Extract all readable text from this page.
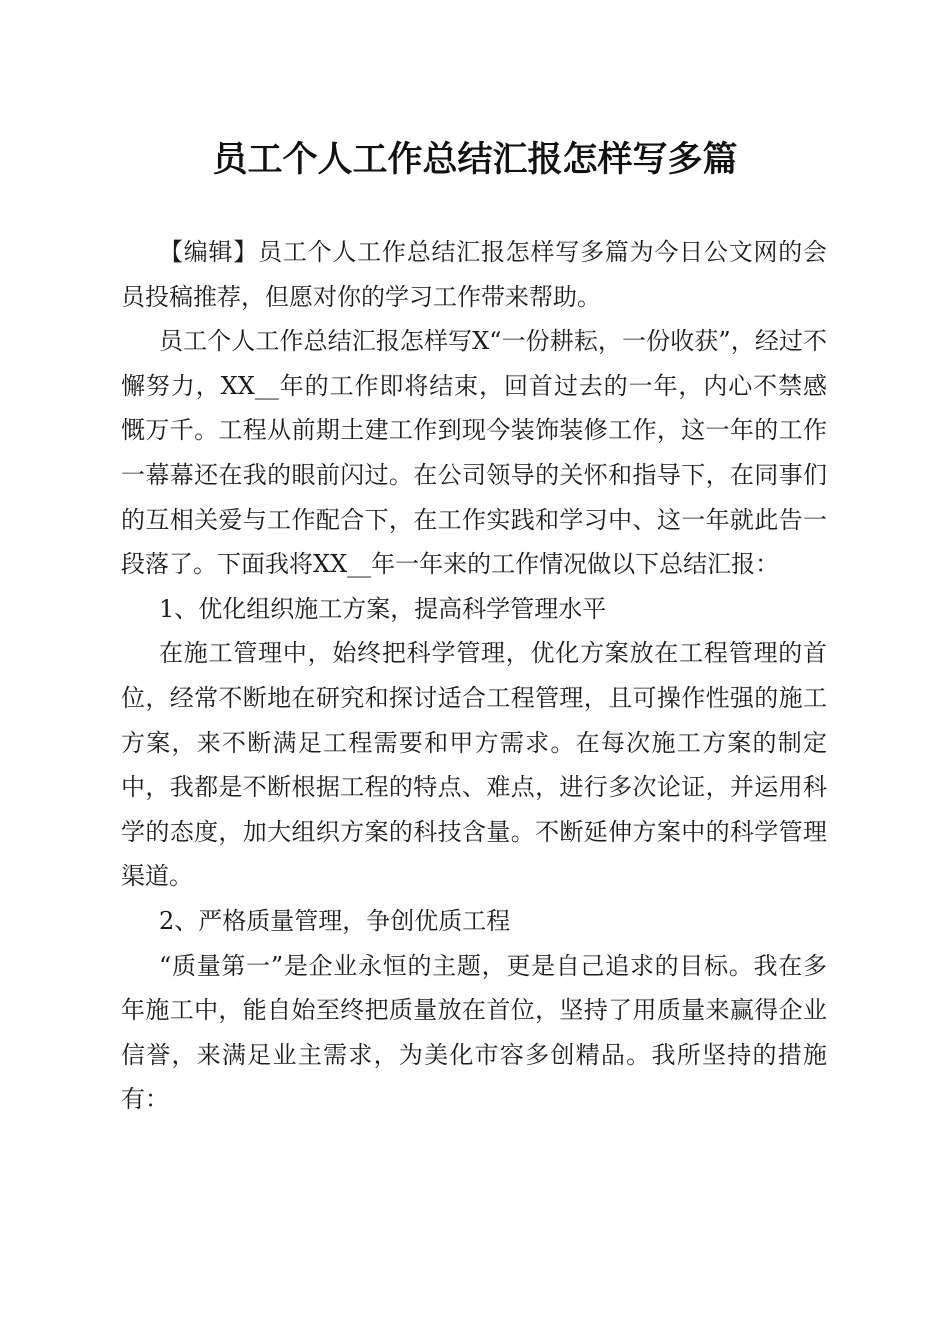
员工个人工作总结汇报怎样写多篇

【编辑】员工个人工作总结汇报怎样写多篇为今日公文网的会员投稿推荐，但愿对你的学习工作带来帮助。

员工个人工作总结汇报怎样写X“一份耕耘，一份收获”，经过不懈努力，XX__年的工作即将结束，回首过去的一年，内心不禁感慨万千。工程从前期土建工作到现今装饰装修工作，这一年的工作一幕幕还在我的眼前闪过。在公司领导的关怀和指导下，在同事们的互相关爱与工作配合下，在工作实践和学习中、这一年就此告一段落了。下面我将XX__年一年来的工作情况做以下总结汇报：

1、优化组织施工方案，提高科学管理水平

在施工管理中，始终把科学管理，优化方案放在工程管理的首位，经常不断地在研究和探讨适合工程管理，且可操作性强的施工方案，来不断满足工程需要和甲方需求。在每次施工方案的制定中，我都是不断根据工程的特点、难点，进行多次论证，并运用科学的态度，加大组织方案的科技含量。不断延伸方案中的科学管理渠道。

2、严格质量管理，争创优质工程

“质量第一”是企业永恒的主题，更是自己追求的目标。我在多年施工中，能自始至终把质量放在首位，坚持了用质量来赢得企业信誉，来满足业主需求，为美化市容多创精品。我所坚持的措施有：
